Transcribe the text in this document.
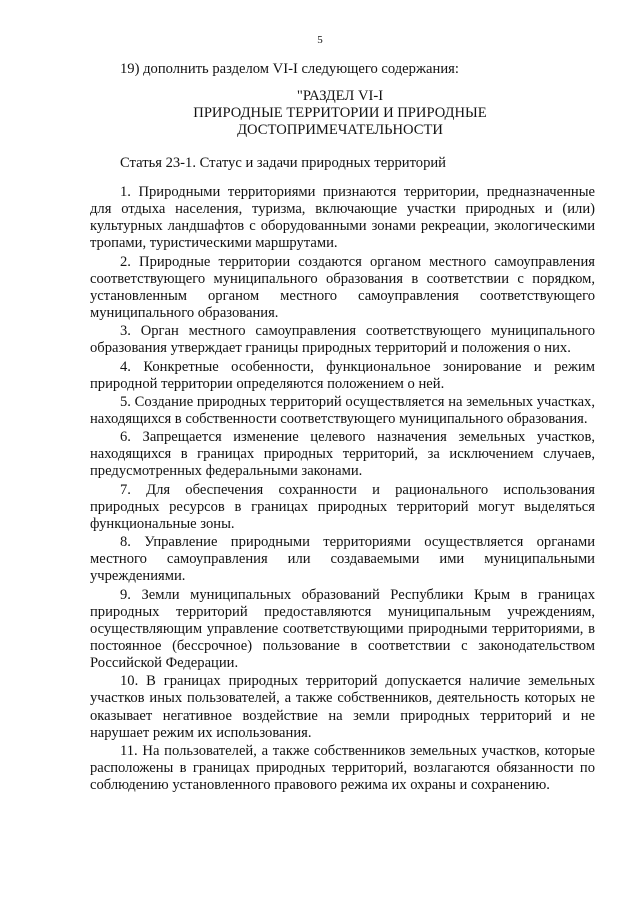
5
19) дополнить разделом VI-I следующего содержания:
"РАЗДЕЛ VI-I
ПРИРОДНЫЕ ТЕРРИТОРИИ И ПРИРОДНЫЕ
ДОСТОПРИМЕЧАТЕЛЬНОСТИ
Статья 23-1. Статус и задачи природных территорий

1. Природными территориями признаются территории, предназначенные для отдыха населения, туризма, включающие участки природных и (или) культурных ландшафтов с оборудованными зонами рекреации, экологическими тропами, туристическими маршрутами.

2. Природные территории создаются органом местного самоуправления соответствующего муниципального образования в соответствии с порядком, установленным органом местного самоуправления соответствующего муниципального образования.

3. Орган местного самоуправления соответствующего муниципального образования утверждает границы природных территорий и положения о них.

4. Конкретные особенности, функциональное зонирование и режим природной территории определяются положением о ней.

5. Создание природных территорий осуществляется на земельных участках, находящихся в собственности соответствующего муниципального образования.

6. Запрещается изменение целевого назначения земельных участков, находящихся в границах природных территорий, за исключением случаев, предусмотренных федеральными законами.

7. Для обеспечения сохранности и рационального использования природных ресурсов в границах природных территорий могут выделяться функциональные зоны.

8. Управление природными территориями осуществляется органами местного самоуправления или создаваемыми ими муниципальными учреждениями.

9. Земли муниципальных образований Республики Крым в границах природных территорий предоставляются муниципальным учреждениям, осуществляющим управление соответствующими природными территориями, в постоянное (бессрочное) пользование в соответствии с законодательством Российской Федерации.

10. В границах природных территорий допускается наличие земельных участков иных пользователей, а также собственников, деятельность которых не оказывает негативное воздействие на земли природных территорий и не нарушает режим их использования.

11. На пользователей, а также собственников земельных участков, которые расположены в границах природных территорий, возлагаются обязанности по соблюдению установленного правового режима их охраны и сохранению.
